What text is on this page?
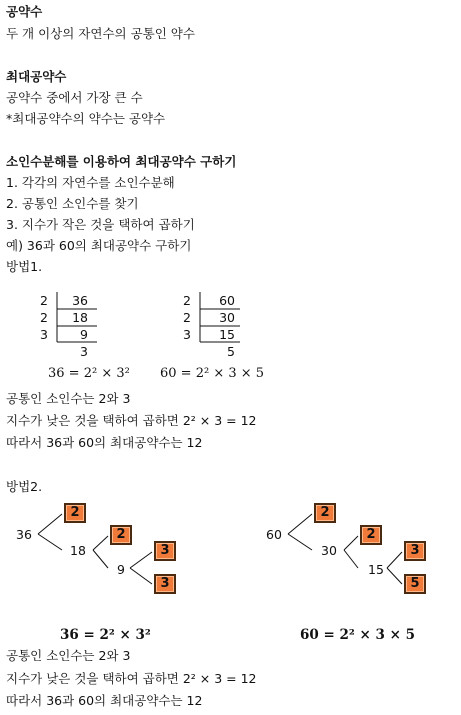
공약수
두 개 이상의 자연수의 공통인 약수
최대공약수
공약수 중에서 가장 큰 수
*최대공약수의 약수는 공약수
소인수분해를 이용하여 최대공약수 구하기
1. 각각의 자연수를 소인수분해
2. 공통인 소인수를 찾기
3. 지수가 작은 것을 택하여 곱하기
예) 36과 60의 최대공약수 구하기
방법1.
2
2
3
36
18
9
3
36 = 2² × 3²
2
2
3
60
30
15
5
60 = 2² × 3 × 5
공통인 소인수는 2와 3
지수가 낮은 것을 택하여 곱하면 2² × 3 = 12
따라서 36과 60의 최대공약수는 12
방법2.
36
2
18
2
9
3
3
60
2
30
2
15
3
5
36 = 2² × 3²	60 = 2² × 3 × 5
공통인 소인수는 2와 3
지수가 낮은 것을 택하여 곱하면 2² × 3 = 12
따라서 36과 60의 최대공약수는 12
